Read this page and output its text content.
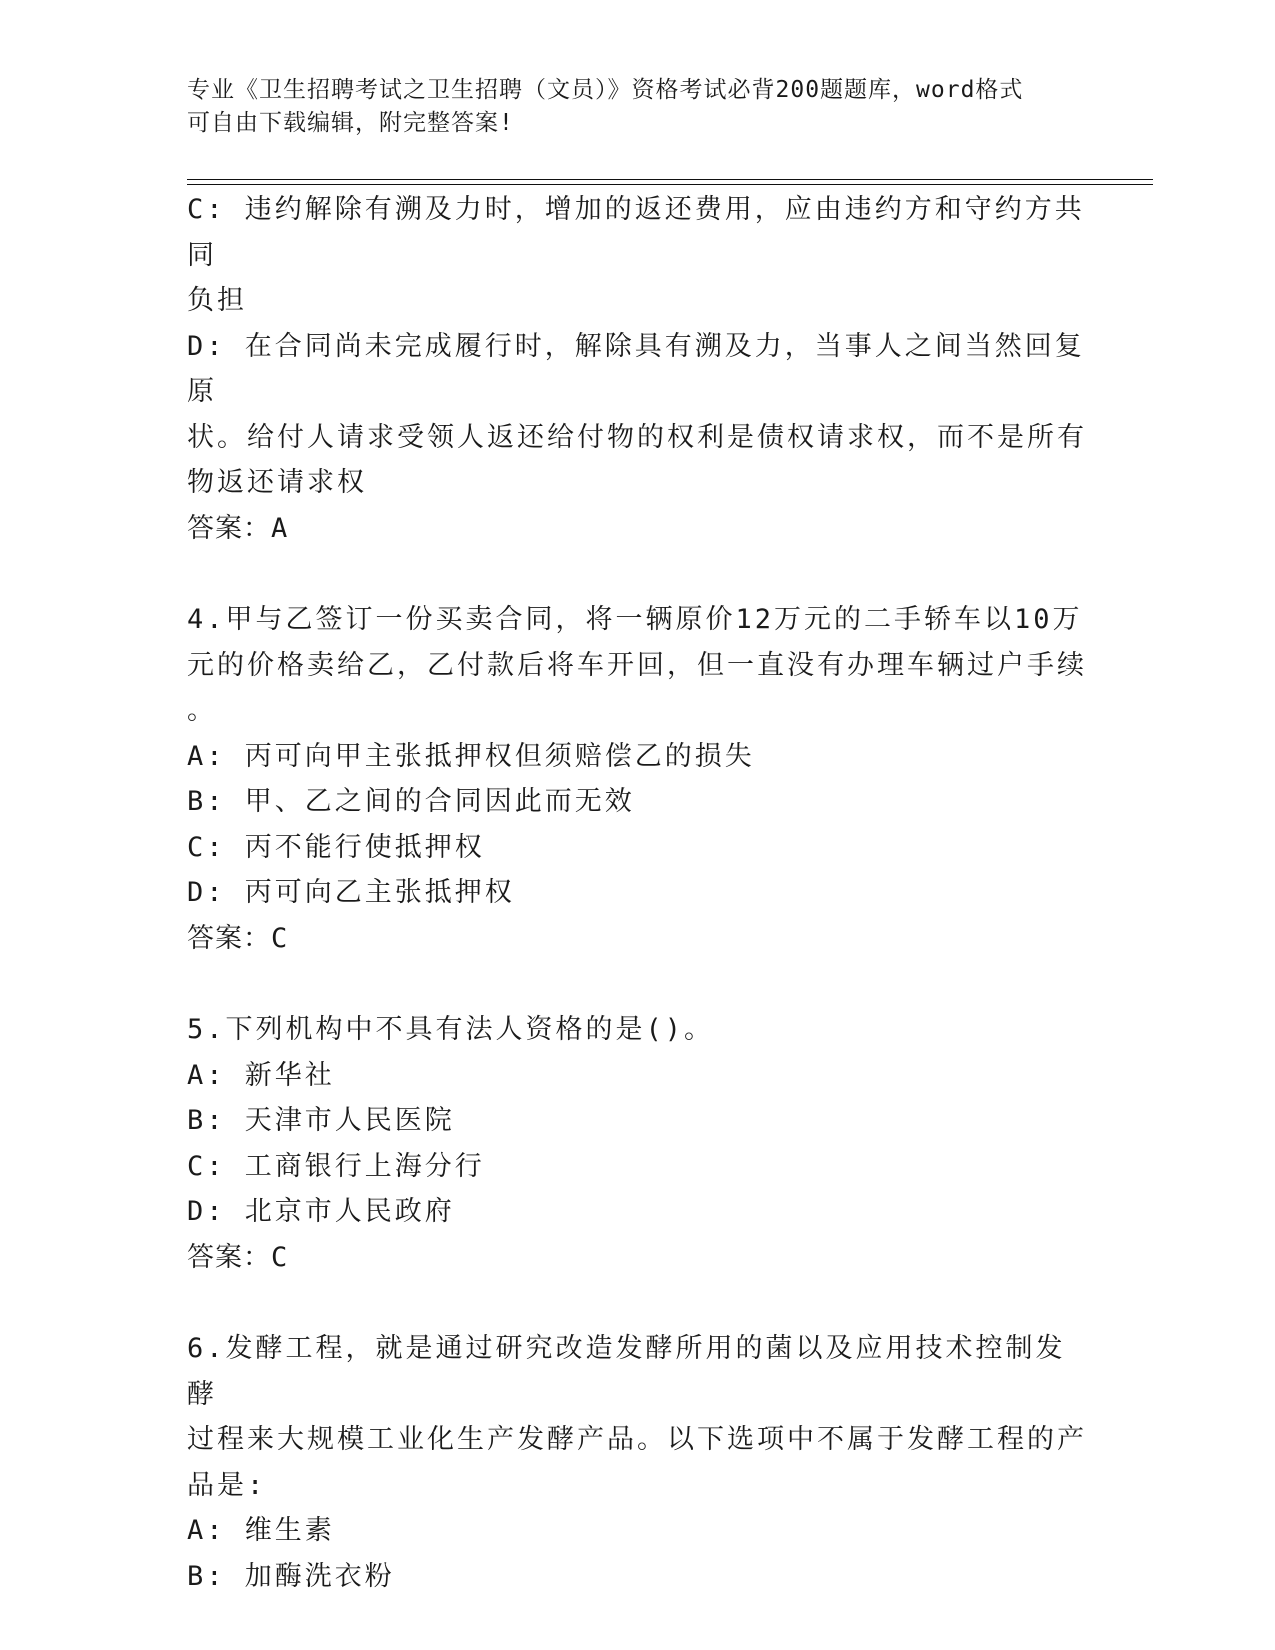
专业《卫生招聘考试之卫生招聘（文员）》资格考试必背200题题库，word格式
可自由下载编辑，附完整答案!

C: 违约解除有溯及力时，增加的返还费用，应由违约方和守约方共同

负担

D: 在合同尚未完成履行时，解除具有溯及力，当事人之间当然回复原

状。给付人请求受领人返还给付物的权利是债权请求权，而不是所有

物返还请求权

答案：A

4.甲与乙签订一份买卖合同，将一辆原价12万元的二手轿车以10万

元的价格卖给乙，乙付款后将车开回，但一直没有办理车辆过户手续

。

A: 丙可向甲主张抵押权但须赔偿乙的损失

B: 甲、乙之间的合同因此而无效

C: 丙不能行使抵押权

D: 丙可向乙主张抵押权

答案：C

5.下列机构中不具有法人资格的是()。

A: 新华社

B: 天津市人民医院

C: 工商银行上海分行

D: 北京市人民政府

答案：C

6.发酵工程，就是通过研究改造发酵所用的菌以及应用技术控制发酵

过程来大规模工业化生产发酵产品。以下选项中不属于发酵工程的产

品是:

A: 维生素

B: 加酶洗衣粉
